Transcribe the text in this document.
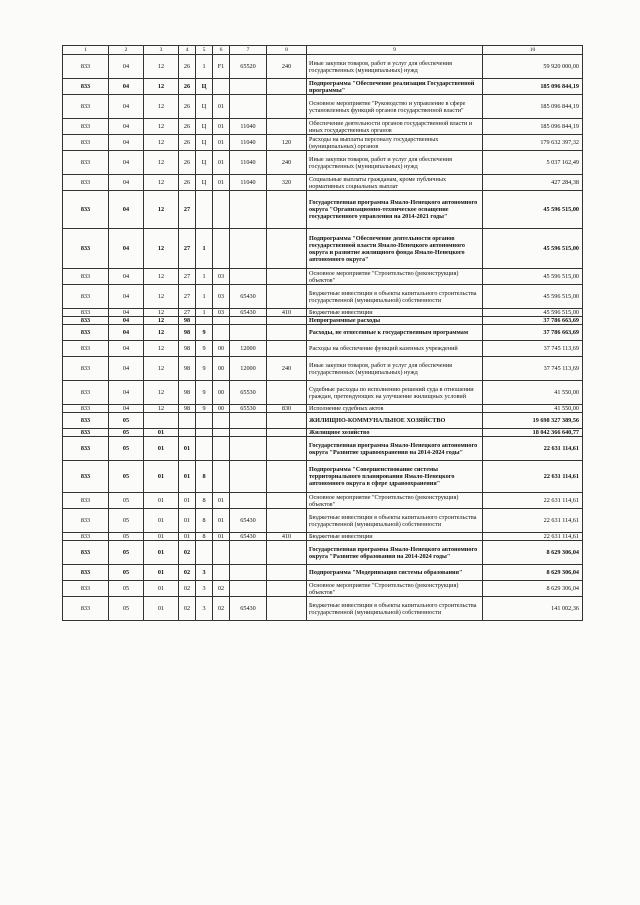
1	2	3	4	5	6	7	8	9	10
833	04	12	26	1	F1	65520	240	Иные закупки товаров, работ и услуг для обеспечения государственных (муниципальных) нужд	59 920 000,00
833	04	12	26	Ц				Подпрограмма "Обеспечение реализации Государственной программы"	185 096 844,19
833	04	12	26	Ц	01			Основное мероприятие "Руководство и управление в сфере установленных функций органов государственной власти"	185 096 844,19
833	04	12	26	Ц	01	11040		Обеспечение деятельности органов государственной власти и иных государственных органов	185 096 844,19
833	04	12	26	Ц	01	11040	120	Расходы на выплаты персоналу государственных (муниципальных) органов	179 632 397,32
833	04	12	26	Ц	01	11040	240	Иные закупки товаров, работ и услуг для обеспечения государственных (муниципальных) нужд	5 037 162,49
833	04	12	26	Ц	01	11040	320	Социальные выплаты гражданам, кроме публичных нормативных социальных выплат	427 284,38
833	04	12	27					Государственная программа Ямало-Ненецкого автономного округа "Организационно-техническое оснащение государственного управления на 2014-2021 годы"	45 596 515,00
833	04	12	27	1				Подпрограмма "Обеспечение деятельности органов государственной власти Ямало-Ненецкого автономного округа и развитие жилищного фонда Ямало-Ненецкого автономного округа"	45 596 515,00
833	04	12	27	1	03			Основное мероприятие "Строительство (реконструкция) объектов"	45 596 515,00
833	04	12	27	1	03	65430		Бюджетные инвестиции в объекты капитального строительства государственной (муниципальной) собственности	45 596 515,00
833	04	12	27	1	03	65430	410	Бюджетные инвестиции	45 596 515,00
833	04	12	98					Непрограммные расходы	37 786 663,69
833	04	12	98	9				Расходы, не отнесенные к государственным программам	37 786 663,69
833	04	12	98	9	00	12000		Расходы на обеспечение функций казенных учреждений	37 745 113,69
833	04	12	98	9	00	12000	240	Иные закупки товаров, работ и услуг для обеспечения государственных (муниципальных) нужд	37 745 113,69
833	04	12	98	9	00	65530		Судебные расходы по исполнению решений суда в отношении граждан, претендующих на улучшение жилищных условий	41 550,00
833	04	12	98	9	00	65530	830	Исполнение судебных актов	41 550,00
833	05							ЖИЛИЩНО-КОММУНАЛЬНОЕ ХОЗЯЙСТВО	19 698 327 389,56
833	05	01						Жилищное хозяйство	18 042 366 640,77
833	05	01	01					Государственная программа Ямало-Ненецкого автономного округа "Развитие здравоохранения на 2014-2024 годы"	22 631 114,61
833	05	01	01	8				Подпрограмма "Совершенствование системы территориального планирования Ямало-Ненецкого автономного округа в сфере здравоохранения"	22 631 114,61
833	05	01	01	8	01			Основное мероприятие "Строительство (реконструкция) объектов"	22 631 114,61
833	05	01	01	8	01	65430		Бюджетные инвестиции в объекты капитального строительства государственной (муниципальной) собственности	22 631 114,61
833	05	01	01	8	01	65430	410	Бюджетные инвестиции	22 631 114,61
833	05	01	02					Государственная программа Ямало-Ненецкого автономного округа "Развитие образования на 2014-2024 годы"	8 629 306,04
833	05	01	02	3				Подпрограмма "Модернизация системы образования"	8 629 306,04
833	05	01	02	3	02			Основное мероприятие "Строительство (реконструкция) объектов"	8 629 306,04
833	05	01	02	3	02	65430		Бюджетные инвестиции в объекты капитального строительства государственной (муниципальной) собственности	141 002,36
